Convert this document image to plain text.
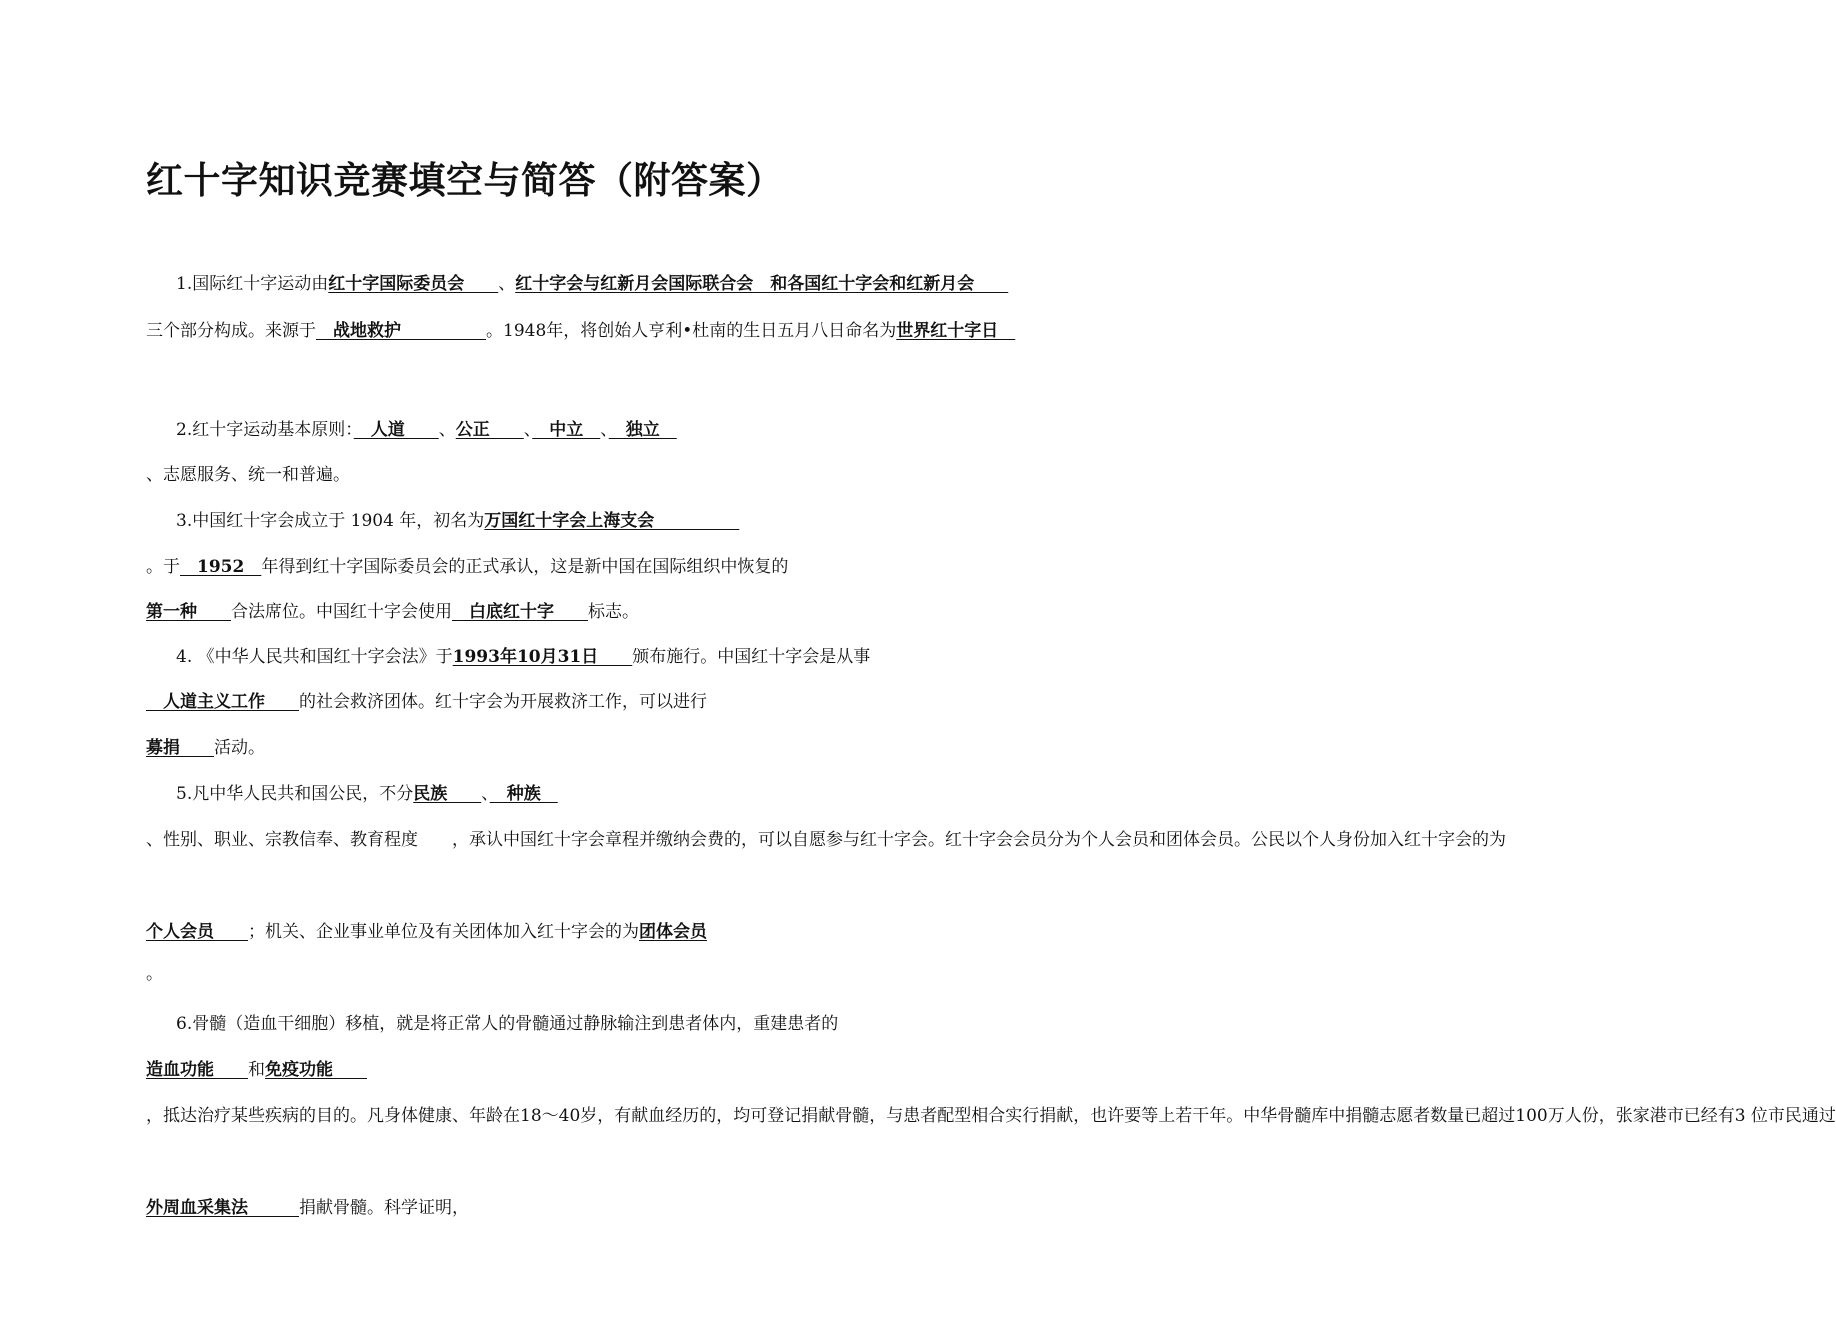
红十字知识竞赛填空与简答（附答案）
1.国际红十字运动由红十字国际委员会　　、红十字会与红新月会国际联合会　和各国红十字会和红新月会　　
三个部分构成。来源于　战地救护　　　　　。1948年，将创始人亨利•杜南的生日五月八日命名为世界红十字日　
2.红十字运动基本原则：　人道　　、公正　　、　中立　、　独立　
、志愿服务、统一和普遍。
3.中国红十字会成立于 1904 年，初名为万国红十字会上海支会　　　　　
。于　1952　年得到红十字国际委员会的正式承认，这是新中国在国际组织中恢复的
第一种　　合法席位。中国红十字会使用　白底红十字　　标志。
4. 《中华人民共和国红十字会法》于1993年10月31日　　颁布施行。中国红十字会是从事
　人道主义工作　　的社会救济团体。红十字会为开展救济工作，可以进行
募捐　　活动。
5.凡中华人民共和国公民，不分民族　　、　种族　
、性别、职业、宗教信奉、教育程度　　，承认中国红十字会章程并缴纳会费的，可以自愿参与红十字会。红十字会会员分为个人会员和团体会员。公民以个人身份加入红十字会的为
个人会员　　；机关、企业事业单位及有关团体加入红十字会的为团体会员
。
6.骨髓（造血干细胞）移植，就是将正常人的骨髓通过静脉输注到患者体内，重建患者的
造血功能　　和免疫功能　　
，抵达治疗某些疾病的目的。凡身体健康、年龄在18～40岁，有献血经历的，均可登记捐献骨髓，与患者配型相合实行捐献，也许要等上若干年。中华骨髓库中捐髓志愿者数量已超过100万人份，张家港市已经有3 位市民通过
外周血采集法　　　捐献骨髓。科学证明，
